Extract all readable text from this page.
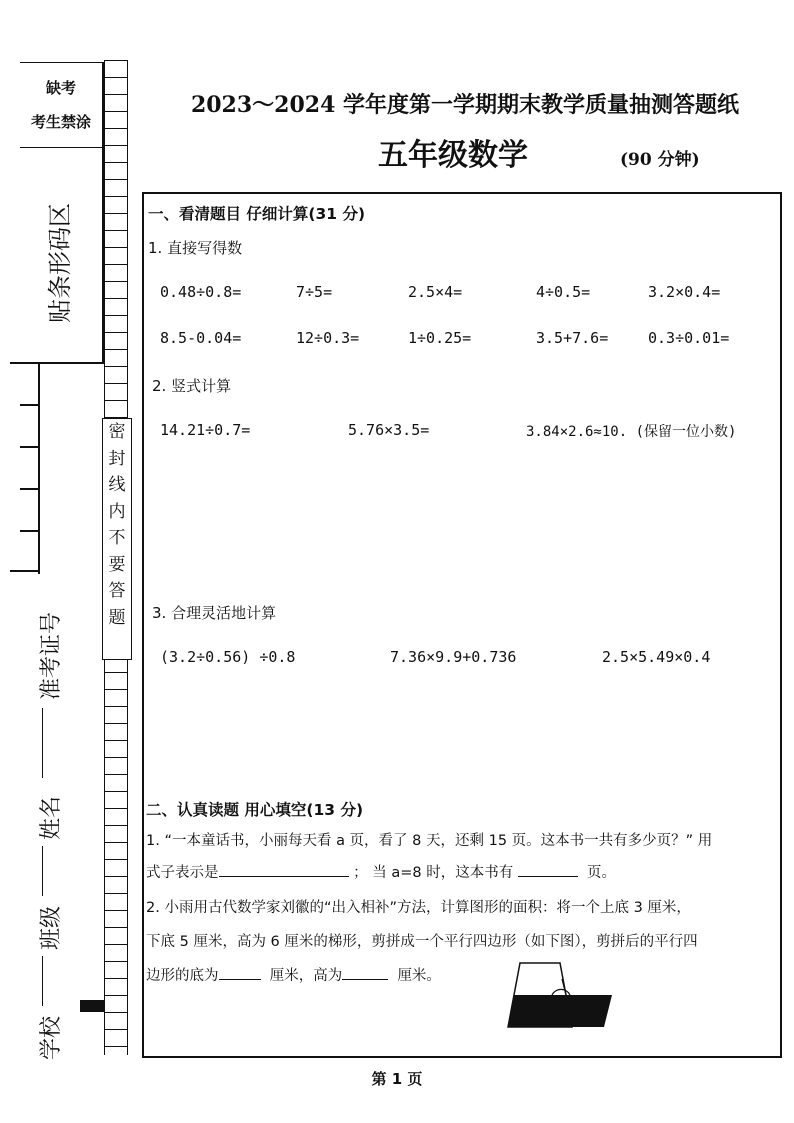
缺考
考生禁涂
贴条形码区
密
封
线
内
不
要
答
题
准考证号
姓名
班级
学校
2023～2024 学年度第一学期期末教学质量抽测答题纸
五年级数学	(90 分钟)
一、看清题目 仔细计算(31 分)
1. 直接写得数
0.48÷0.8=	7÷5=	2.5×4=	4÷0.5=	3.2×0.4=
8.5-0.04=	12÷0.3=	1÷0.25=	3.5+7.6=	0.3÷0.01=
2. 竖式计算
14.21÷0.7=	5.76×3.5=	3.84×2.6≈10. (保留一位小数)
3. 合理灵活地计算
(3.2÷0.56) ÷0.8	7.36×9.9+0.736	2.5×5.49×0.4
二、认真读题 用心填空(13 分)
1. “一本童话书，小丽每天看 a 页，看了 8 天，还剩 15 页。这本书一共有多少页？” 用
式子表示是	； 当 a=8 时，这本书有	页。
2. 小雨用古代数学家刘徽的“出入相补”方法，计算图形的面积：将一个上底 3 厘米，
下底 5 厘米，高为 6 厘米的梯形，剪拼成一个平行四边形（如下图），剪拼后的平行四
边形的底为	厘米，高为	厘米。
第 1 页
